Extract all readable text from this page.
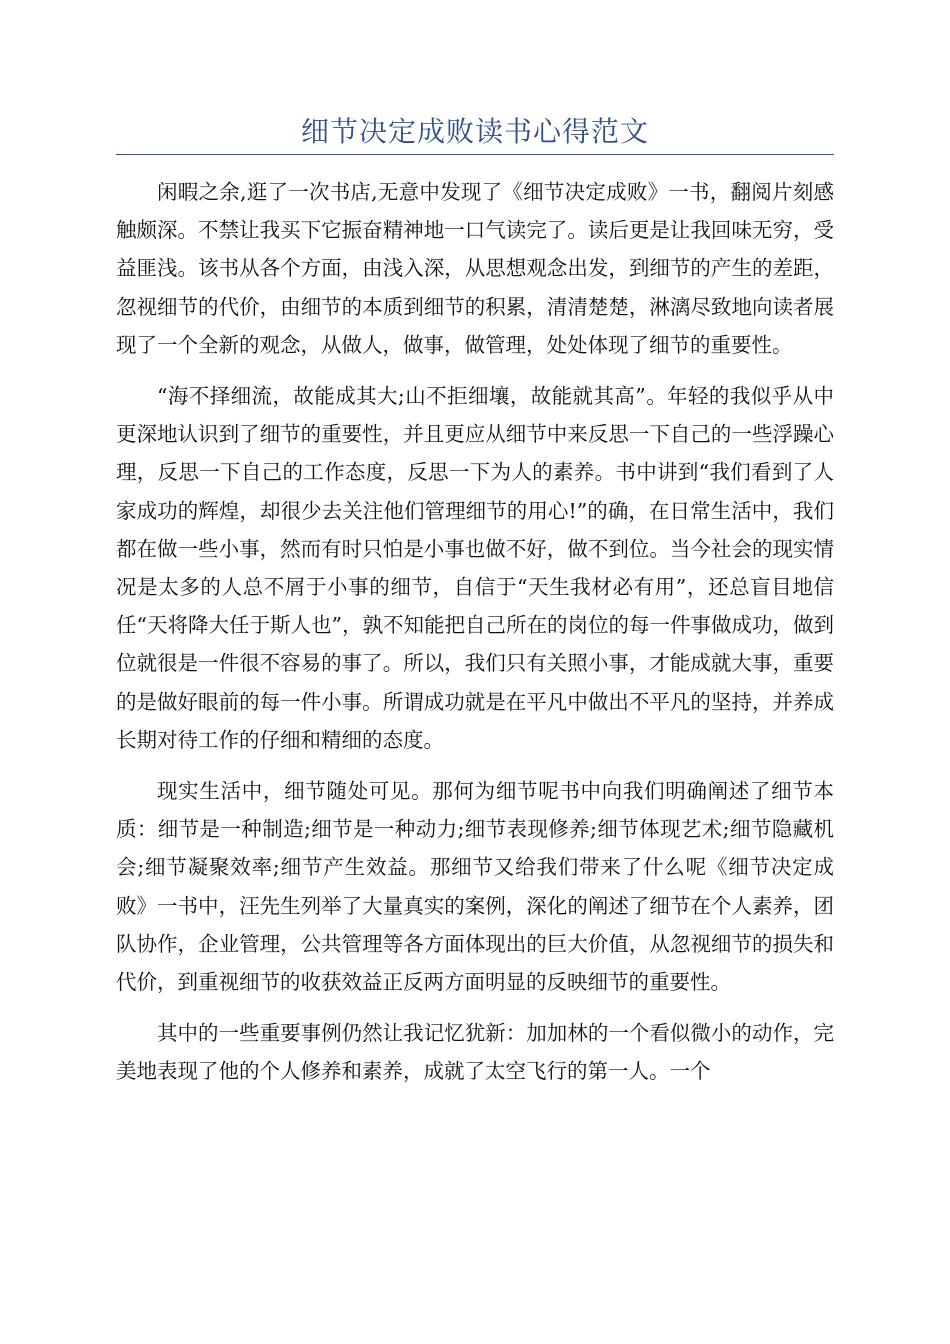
细节决定成败读书心得范文

闲暇之余,逛了一次书店,无意中发现了《细节决定成败》一书，翻阅片刻感触颇深。不禁让我买下它振奋精神地一口气读完了。读后更是让我回味无穷，受益匪浅。该书从各个方面，由浅入深，从思想观念出发，到细节的产生的差距，忽视细节的代价，由细节的本质到细节的积累，清清楚楚，淋漓尽致地向读者展现了一个全新的观念，从做人，做事，做管理，处处体现了细节的重要性。

“海不择细流，故能成其大;山不拒细壤，故能就其高”。年轻的我似乎从中更深地认识到了细节的重要性，并且更应从细节中来反思一下自己的一些浮躁心理，反思一下自己的工作态度，反思一下为人的素养。书中讲到“我们看到了人家成功的辉煌，却很少去关注他们管理细节的用心!”的确，在日常生活中，我们都在做一些小事，然而有时只怕是小事也做不好，做不到位。当今社会的现实情况是太多的人总不屑于小事的细节，自信于“天生我材必有用”，还总盲目地信任“天将降大任于斯人也”，孰不知能把自己所在的岗位的每一件事做成功，做到位就很是一件很不容易的事了。所以，我们只有关照小事，才能成就大事，重要的是做好眼前的每一件小事。所谓成功就是在平凡中做出不平凡的坚持，并养成长期对待工作的仔细和精细的态度。

现实生活中，细节随处可见。那何为细节呢书中向我们明确阐述了细节本质：细节是一种制造;细节是一种动力;细节表现修养;细节体现艺术;细节隐藏机会;细节凝聚效率;细节产生效益。那细节又给我们带来了什么呢《细节决定成败》一书中，汪先生列举了大量真实的案例，深化的阐述了细节在个人素养，团队协作，企业管理，公共管理等各方面体现出的巨大价值，从忽视细节的损失和代价，到重视细节的收获效益正反两方面明显的反映细节的重要性。

其中的一些重要事例仍然让我记忆犹新：加加林的一个看似微小的动作，完美地表现了他的个人修养和素养，成就了太空飞行的第一人。一个
